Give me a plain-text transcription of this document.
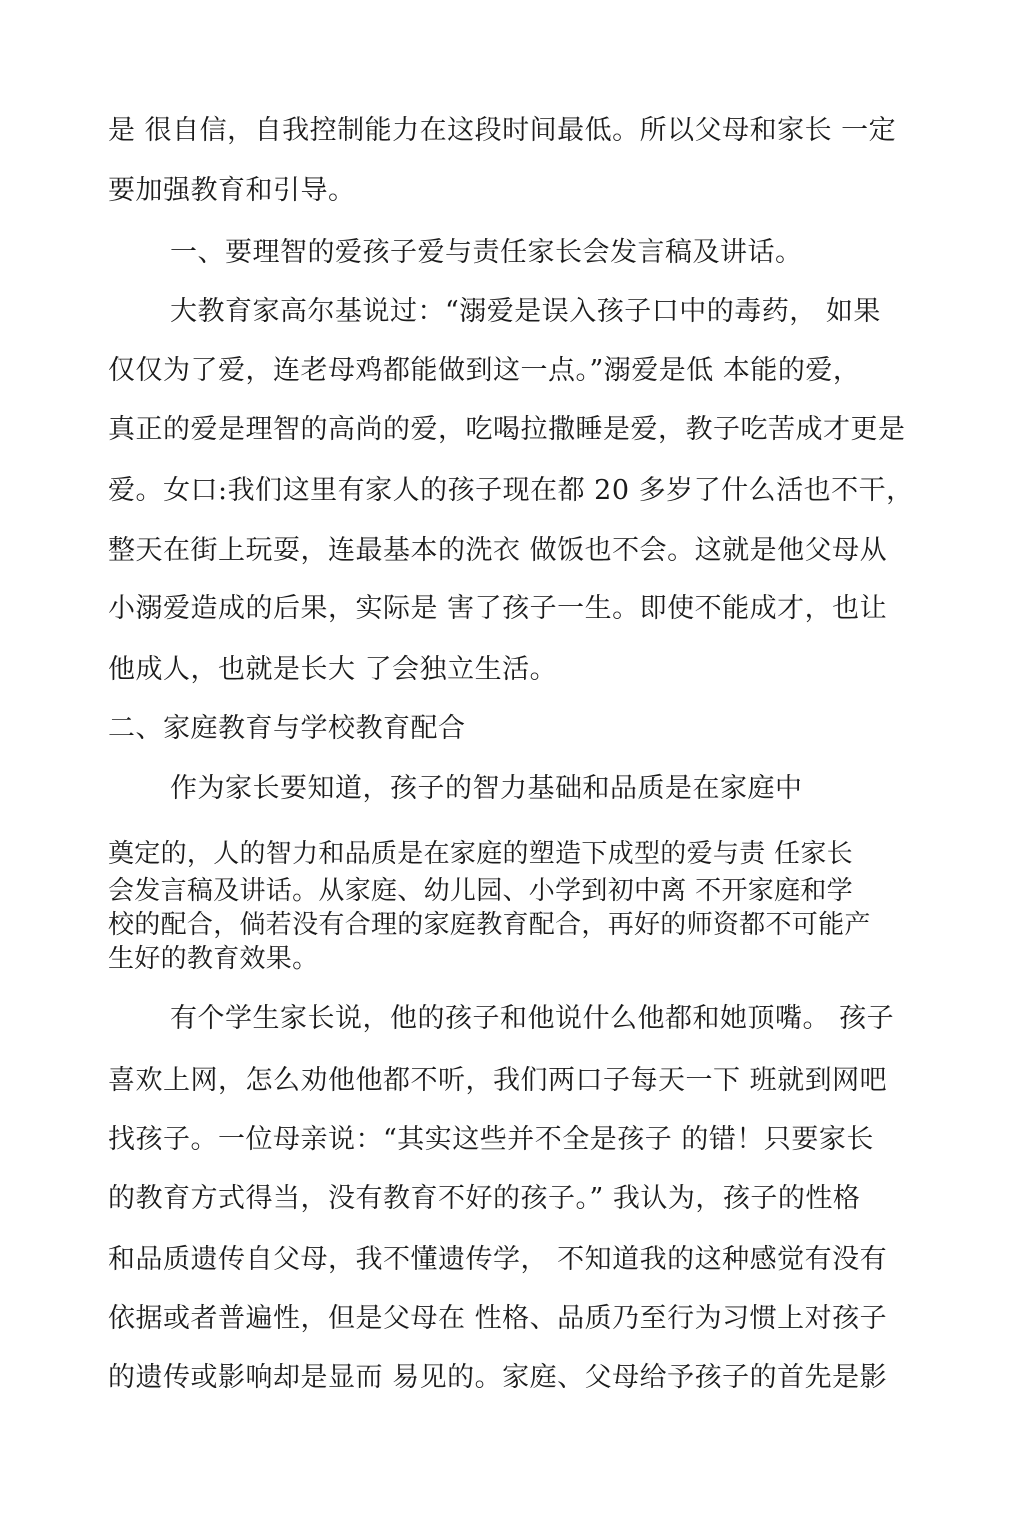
是 很自信，自我控制能力在这段时间最低。所以父母和家长 一定
要加强教育和引导。
一、要理智的爱孩子爱与责任家长会发言稿及讲话。
大教育家高尔基说过：“溺爱是误入孩子口中的毒药， 如果
仅仅为了爱，连老母鸡都能做到这一点。”溺爱是低 本能的爱，
真正的爱是理智的高尚的爱，吃喝拉撒睡是爱，教子吃苦成才更是
爱。女口:我们这里有家人的孩子现在都 20 多岁了什么活也不干，
整天在街上玩耍，连最基本的洗衣 做饭也不会。这就是他父母从
小溺爱造成的后果，实际是 害了孩子一生。即使不能成才，也让
他成人，也就是长大 了会独立生活。
二、家庭教育与学校教育配合
作为家长要知道，孩子的智力基础和品质是在家庭中
奠定的，人的智力和品质是在家庭的塑造下成型的爱与责 任家长
会发言稿及讲话。从家庭、幼儿园、小学到初中离 不开家庭和学
校的配合，倘若没有合理的家庭教育配合，再好的师资都不可能产
生好的教育效果。
有个学生家长说，他的孩子和他说什么他都和她顶嘴。 孩子
喜欢上网，怎么劝他他都不听，我们两口子每天一下 班就到网吧
找孩子。一位母亲说：“其实这些并不全是孩子 的错！只要家长
的教育方式得当，没有教育不好的孩子。” 我认为，孩子的性格
和品质遗传自父母，我不懂遗传学， 不知道我的这种感觉有没有
依据或者普遍性，但是父母在 性格、品质乃至行为习惯上对孩子
的遗传或影响却是显而 易见的。家庭、父母给予孩子的首先是影
